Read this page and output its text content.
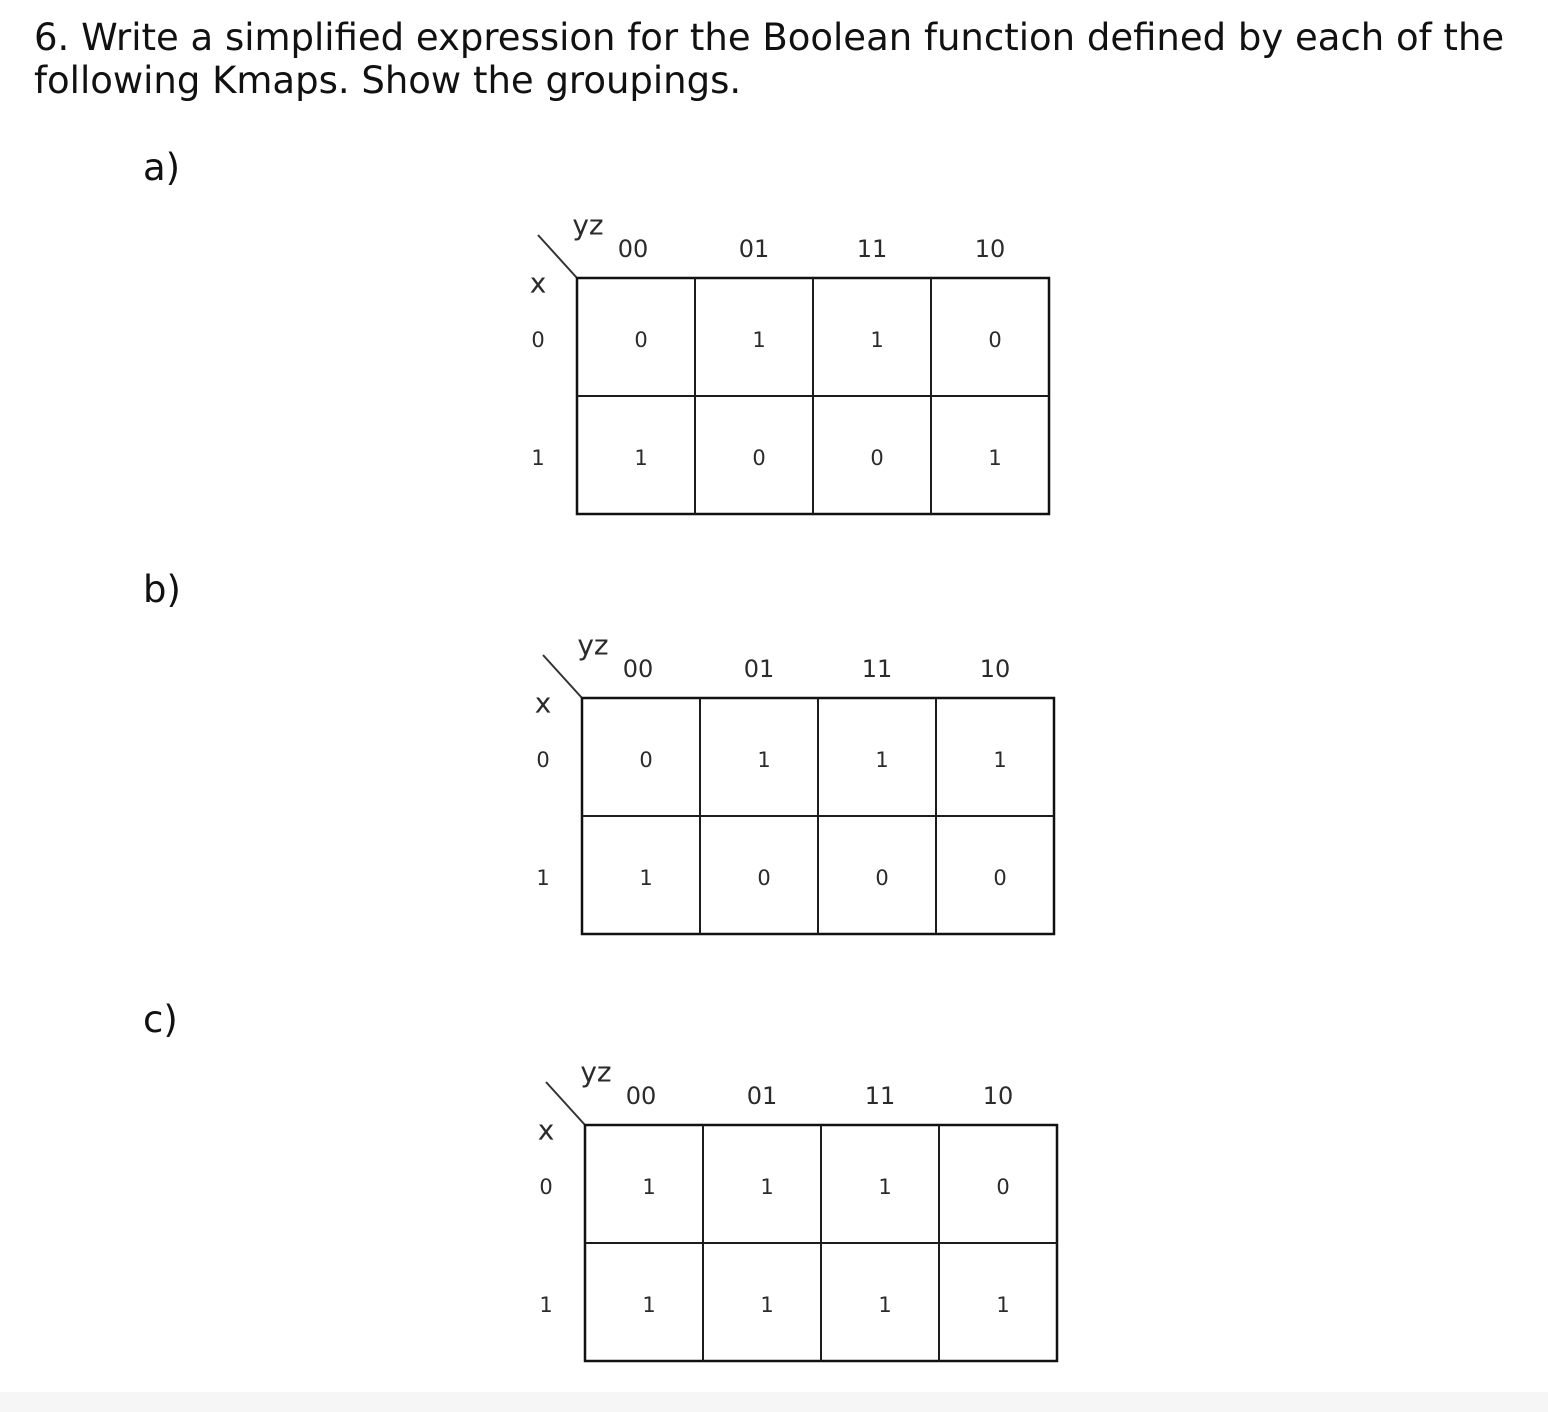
6. Write a simplified expression for the Boolean function defined by each of the following Kmaps. Show the groupings.

a)
b)
c)
yz
x
00	01	11	10
0
1
0	1	1	0
1	0	0	1
yz
x
00	01	11	10
0
1
0	1	1	1
1	0	0	0
yz
x
00	01	11	10
0
1
1	1	1	0
1	1	1	1
